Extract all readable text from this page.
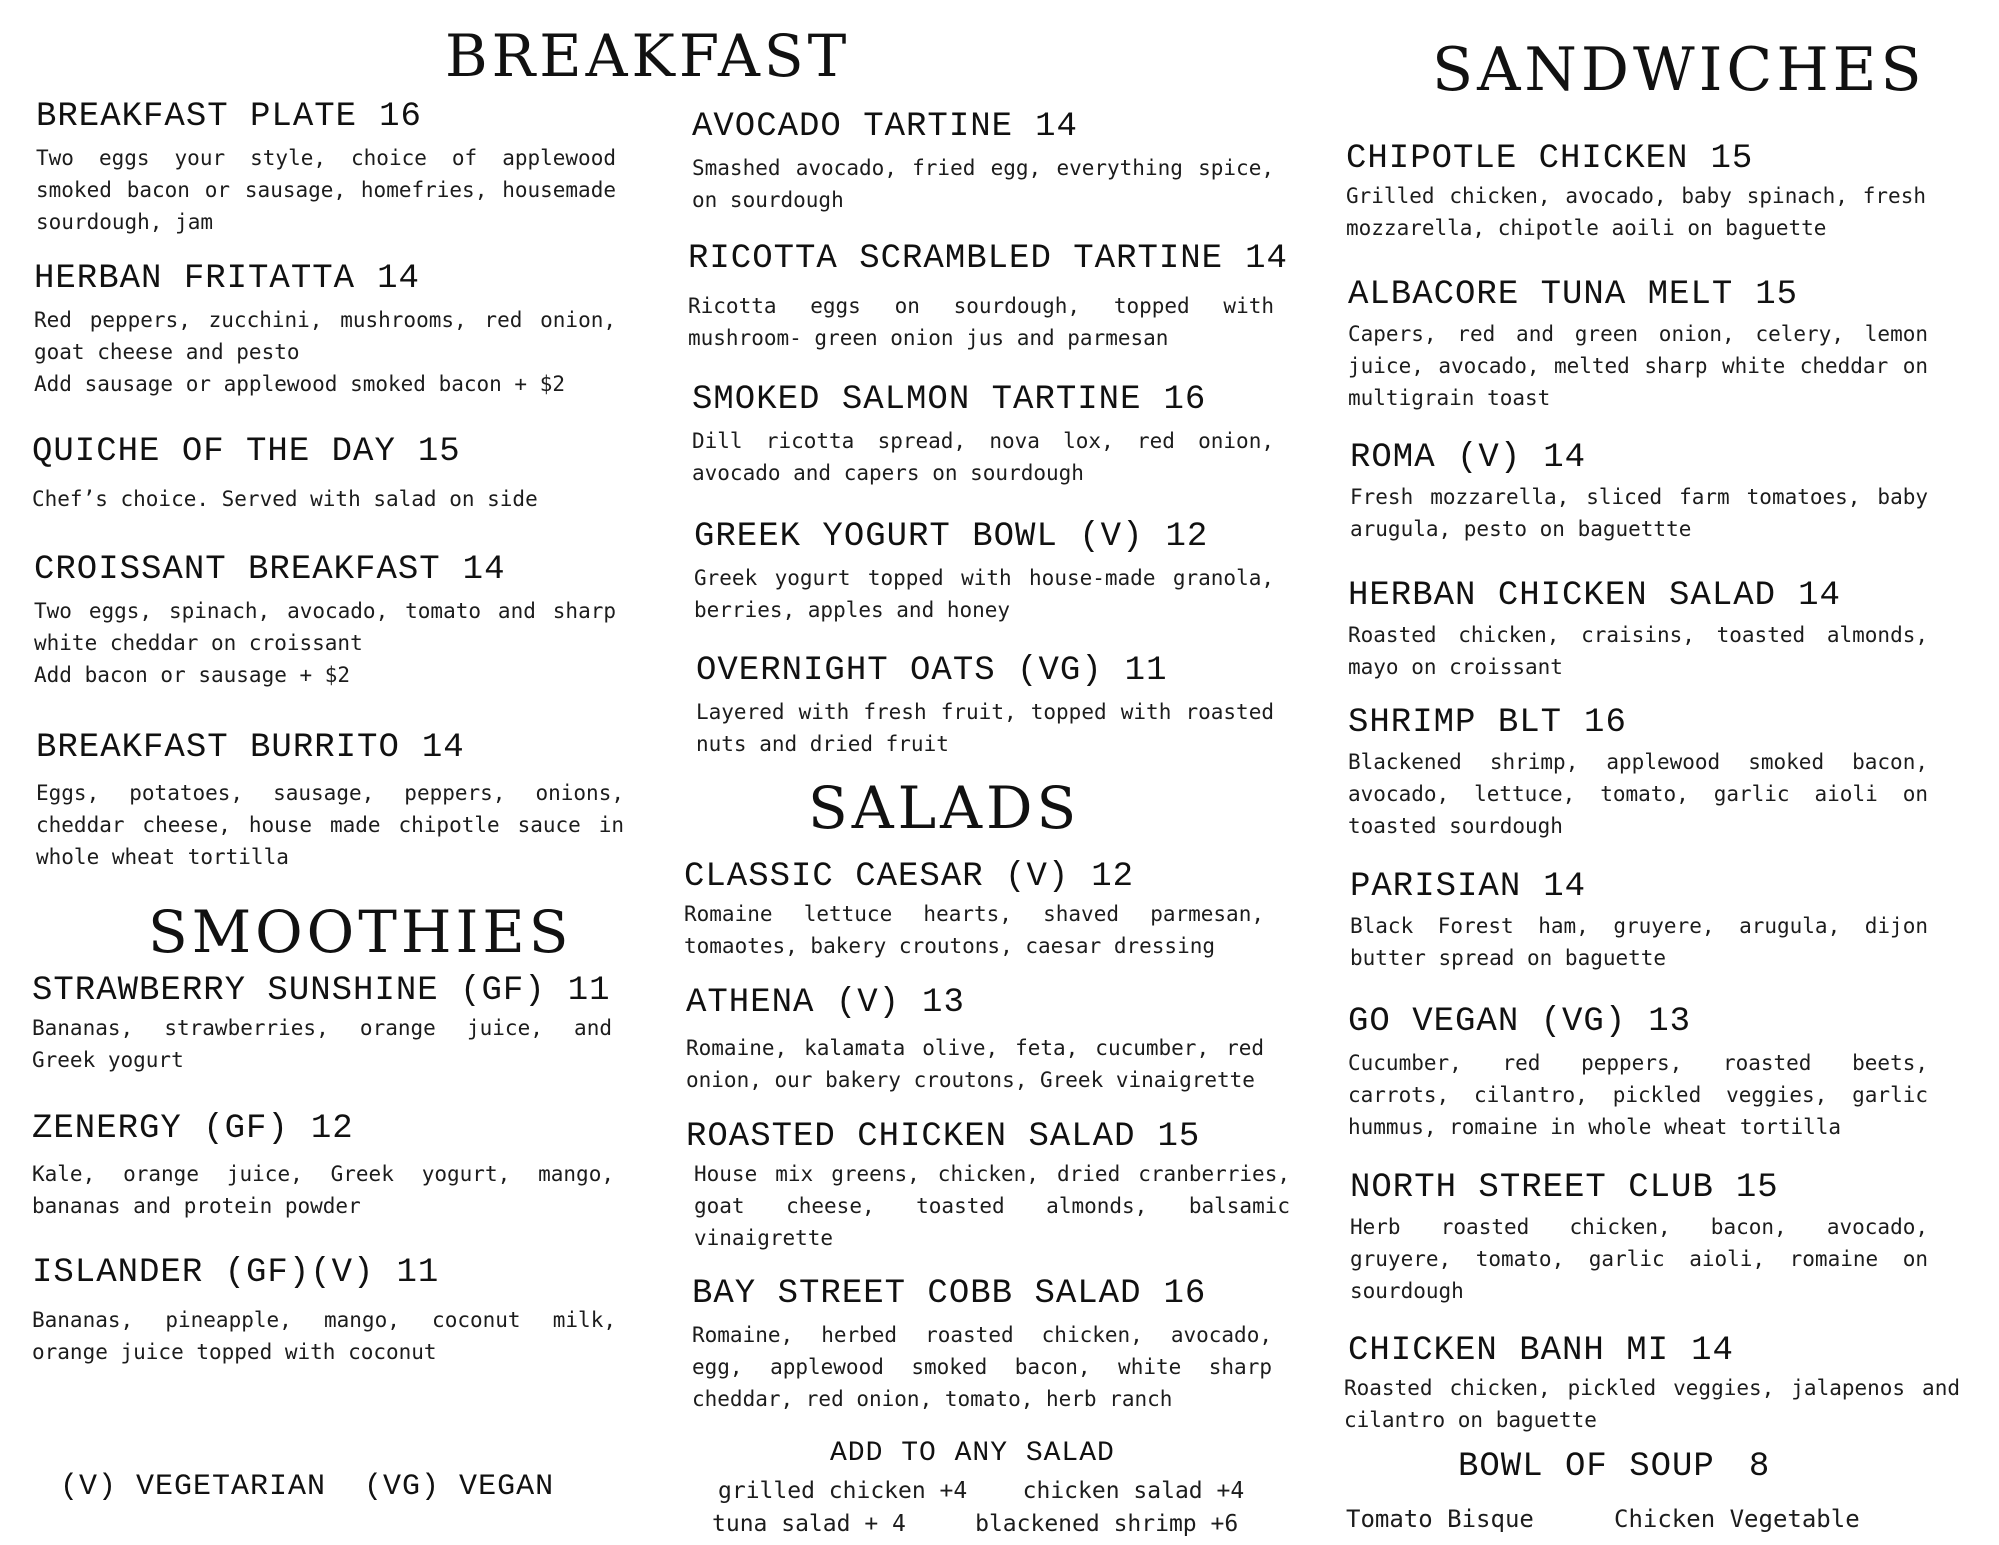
BREAKFAST
SMOOTHIES
SALADS
SANDWICHES
BREAKFAST PLATE 16

Two eggs your style, choice of applewood smoked bacon or sausage, homefries, housemade sourdough, jam

HERBAN FRITATTA 14

Red peppers, zucchini, mushrooms, red onion, goat cheese and pesto

Add sausage or applewood smoked bacon + $2

QUICHE OF THE DAY 15

Chef’s choice. Served with salad on side

CROISSANT BREAKFAST 14

Two eggs, spinach, avocado, tomato and sharp white cheddar on croissant

Add bacon or sausage + $2

BREAKFAST BURRITO 14

Eggs, potatoes, sausage, peppers, onions, cheddar cheese, house made chipotle sauce in whole wheat tortilla

AVOCADO TARTINE 14

Smashed avocado, fried egg, everything spice, on sourdough

RICOTTA SCRAMBLED TARTINE 14

Ricotta eggs on sourdough, topped with mushroom- green onion jus and parmesan

SMOKED SALMON TARTINE 16

Dill ricotta spread, nova lox, red onion, avocado and capers on sourdough

GREEK YOGURT BOWL (V) 12

Greek yogurt topped with house-made granola, berries, apples and honey

OVERNIGHT OATS (VG) 11

Layered with fresh fruit, topped with roasted nuts and dried fruit

STRAWBERRY SUNSHINE (GF) 11

Bananas, strawberries, orange juice, and Greek yogurt

ZENERGY (GF) 12

Kale, orange juice, Greek yogurt, mango, bananas and protein powder

ISLANDER (GF)(V) 11

Bananas, pineapple, mango, coconut milk, orange juice topped with coconut

(V) VEGETARIAN  (VG) VEGAN
CLASSIC CAESAR (V) 12

Romaine lettuce hearts, shaved parmesan, tomaotes, bakery croutons, caesar dressing

ATHENA (V) 13

Romaine, kalamata olive, feta, cucumber, red onion, our bakery croutons, Greek vinaigrette

ROASTED CHICKEN SALAD 15

House mix greens, chicken, dried cranberries, goat cheese, toasted almonds, balsamic vinaigrette

BAY STREET COBB SALAD 16

Romaine, herbed roasted chicken, avocado, egg, applewood smoked bacon, white sharp cheddar, red onion, tomato, herb ranch

ADD TO ANY SALAD
grilled chicken +4    chicken salad +4
tuna salad + 4     blackened shrimp +6
CHIPOTLE CHICKEN 15

Grilled chicken, avocado, baby spinach, fresh mozzarella, chipotle aoili on baguette

ALBACORE TUNA MELT 15

Capers, red and green onion, celery, lemon juice, avocado, melted sharp white cheddar on multigrain toast

ROMA (V) 14

Fresh mozzarella, sliced farm tomatoes, baby arugula, pesto on baguettte

HERBAN CHICKEN SALAD 14

Roasted chicken, craisins, toasted almonds, mayo on croissant

SHRIMP BLT 16

Blackened shrimp, applewood smoked bacon, avocado, lettuce, tomato, garlic aioli on toasted sourdough

PARISIAN 14

Black Forest ham, gruyere, arugula, dijon butter spread on baguette

GO VEGAN (VG) 13

Cucumber, red peppers, roasted beets, carrots, cilantro, pickled veggies, garlic hummus, romaine in whole wheat tortilla

NORTH STREET CLUB 15

Herb roasted chicken, bacon, avocado, gruyere, tomato, garlic aioli, romaine on sourdough

CHICKEN BANH MI 14

Roasted chicken, pickled veggies, jalapenos and cilantro on baguette

BOWL OF SOUP 8
Tomato Bisque	Chicken Vegetable
